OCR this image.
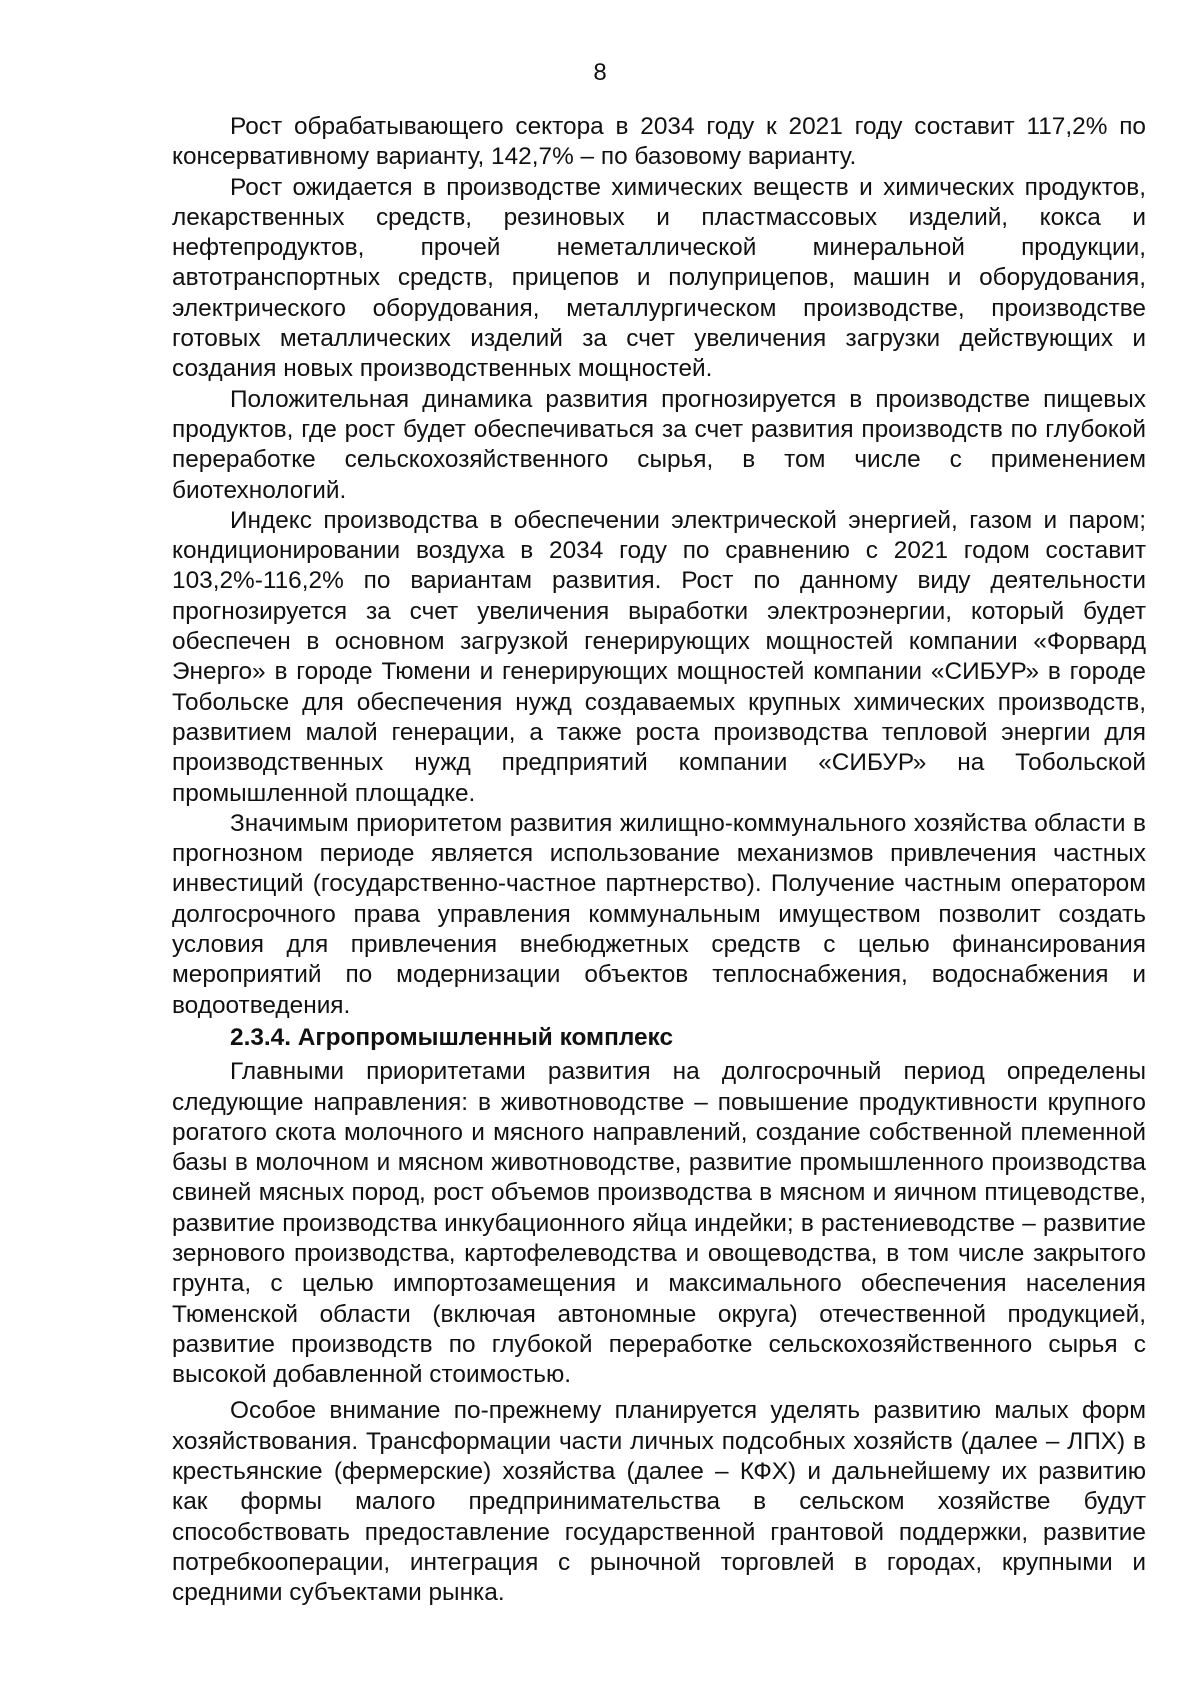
8

Рост обрабатывающего сектора в 2034 году к 2021 году составит 117,2% по консервативному варианту, 142,7% – по базовому варианту.

Рост ожидается в производстве химических веществ и химических продуктов, лекарственных средств, резиновых и пластмассовых изделий, кокса и нефтепродуктов, прочей неметаллической минеральной продукции, автотранспортных средств, прицепов и полуприцепов, машин и оборудования, электрического оборудования, металлургическом производстве, производстве готовых металлических изделий за счет увеличения загрузки действующих и создания новых производственных мощностей.

Положительная динамика развития прогнозируется в производстве пищевых продуктов, где рост будет обеспечиваться за счет развития производств по глубокой переработке сельскохозяйственного сырья, в том числе с применением биотехнологий.

Индекс производства в обеспечении электрической энергией, газом и паром; кондиционировании воздуха в 2034 году по сравнению с 2021 годом составит 103,2%-116,2% по вариантам развития. Рост по данному виду деятельности прогнозируется за счет увеличения выработки электроэнергии, который будет обеспечен в основном загрузкой генерирующих мощностей компании «Форвард Энерго» в городе Тюмени и генерирующих мощностей компании «СИБУР» в городе Тобольске для обеспечения нужд создаваемых крупных химических производств, развитием малой генерации, а также роста производства тепловой энергии для производственных нужд предприятий компании «СИБУР» на Тобольской промышленной площадке.

Значимым приоритетом развития жилищно-коммунального хозяйства области в прогнозном периоде является использование механизмов привлечения частных инвестиций (государственно-частное партнерство). Получение частным оператором долгосрочного права управления коммунальным имуществом позволит создать условия для привлечения внебюджетных средств с целью финансирования мероприятий по модернизации объектов теплоснабжения, водоснабжения и водоотведения.

2.3.4. Агропромышленный комплекс

Главными приоритетами развития на долгосрочный период определены следующие направления: в животноводстве – повышение продуктивности крупного рогатого скота молочного и мясного направлений, создание собственной племенной базы в молочном и мясном животноводстве, развитие промышленного производства свиней мясных пород, рост объемов производства в мясном и яичном птицеводстве, развитие производства инкубационного яйца индейки; в растениеводстве – развитие зернового производства, картофелеводства и овощеводства, в том числе закрытого грунта, с целью импортозамещения и максимального обеспечения населения Тюменской области (включая автономные округа) отечественной продукцией, развитие производств по глубокой переработке сельскохозяйственного сырья с высокой добавленной стоимостью.

Особое внимание по-прежнему планируется уделять развитию малых форм хозяйствования. Трансформации части личных подсобных хозяйств (далее – ЛПХ) в крестьянские (фермерские) хозяйства (далее – КФХ) и дальнейшему их развитию как формы малого предпринимательства в сельском хозяйстве будут способствовать предоставление государственной грантовой поддержки, развитие потребкооперации, интеграция с рыночной торговлей в городах, крупными и средними субъектами рынка.
